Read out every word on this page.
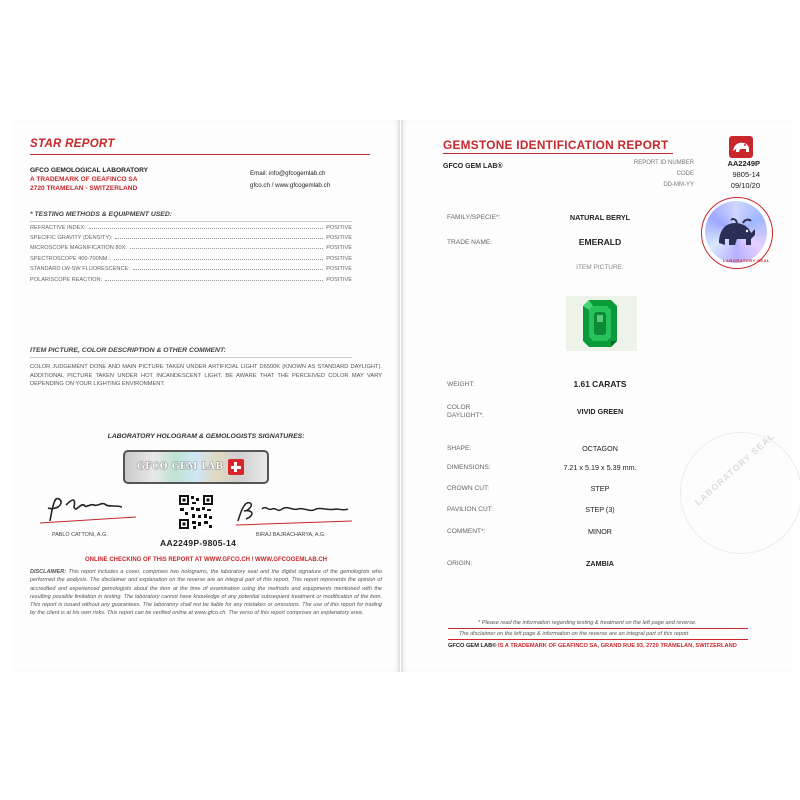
STAR REPORT
GFCO GEMOLOGICAL LABORATORY
A TRADEMARK OF GEAFINCO SA
2720 TRAMELAN - SWITZERLAND
Email: info@gfcogemlab.ch
gfco.ch / www.gfcogemlab.ch
* TESTING METHODS & EQUIPMENT USED:
REFRACTIVE INDEX:	POSITIVE
SPECIFIC GRAVITY (DENSITY):	POSITIVE
MICROSCOPE MAGNIFICATION 80X:	POSITIVE
SPECTROSCOPE 400-700NM.:	POSITIVE
STANDARD LW-SW FLUORESCENCE:	POSITIVE
POLARISCOPE REACTION:	POSITIVE
ITEM PICTURE, COLOR DESCRIPTION & OTHER COMMENT:
COLOR JUDGEMENT DONE AND MAIN PICTURE TAKEN UNDER ARTIFICIAL LIGHT D6500K (KNOWN AS STANDARD DAYLIGHT). ADDITIONAL PICTURE TAKEN UNDER HOT INCANDESCENT LIGHT. BE AWARE THAT THE PERCEIVED COLOR MAY VARY DEPENDING ON YOUR LIGHTING ENVIRONMENT.
LABORATORY HOLOGRAM & GEMOLOGISTS SIGNATURES:
GFCO GEM LAB
PABLO CATTONI, A.G.	BIRAJ BAJRACHARYA, A.G.
AA2249P-9805-14
ONLINE CHECKING OF THIS REPORT AT WWW.GFCO.CH / WWW.GFCOGEMLAB.CH
DISCLAIMER: This report includes a cover, comprises two holograms, the laboratory seal and the digital signature of the gemologists who performed the analysis. The disclaimer and explanation on the reverse are an integral part of this report. This report represents the opinion of accredited and experienced gemologists about the item at the time of examination using the methods and equipments mentioned with the resulting possible limitation in testing. The laboratory cannot have knowledge of any potential subsequent treatment or modification of the item. This report is issued without any guarantees. The laboratory shall not be liable for any mistakes or omissions. The use of this report for trading by the client is at his own risks. This report can be verified online at www.gfco.ch. The verso of this report comprises an explanatory area.
GEMSTONE IDENTIFICATION REPORT
GFCO GEM LAB®	REPORT ID NUMBER	AA2249P
CODE	9805-14
DD-MM-YY	09/10/20
LABORATORY SEAL
FAMILY/SPECIE*:	NATURAL BERYL
TRADE NAME:	EMERALD
ITEM PICTURE:
WEIGHT:	1.61 CARATS
COLOR
DAYLIGHT*:	VIVID GREEN
SHAPE:	OCTAGON
DIMENSIONS:	7.21 x 5.19 x 5.39 mm.
CROWN CUT:	STEP
PAVILION CUT:	STEP (3)
COMMENT*:	MINOR
ORIGIN:	ZAMBIA
LABORATORY SEAL
* Please read the information regarding testing & treatment on the left page and reverse.
The disclaimer on the left page & information on the reverse are an integral part of this report
GFCO GEM LAB® IS A TRADEMARK OF GEAFINCO SA, GRAND RUE 93, 2720 TRAMELAN, SWITZERLAND
